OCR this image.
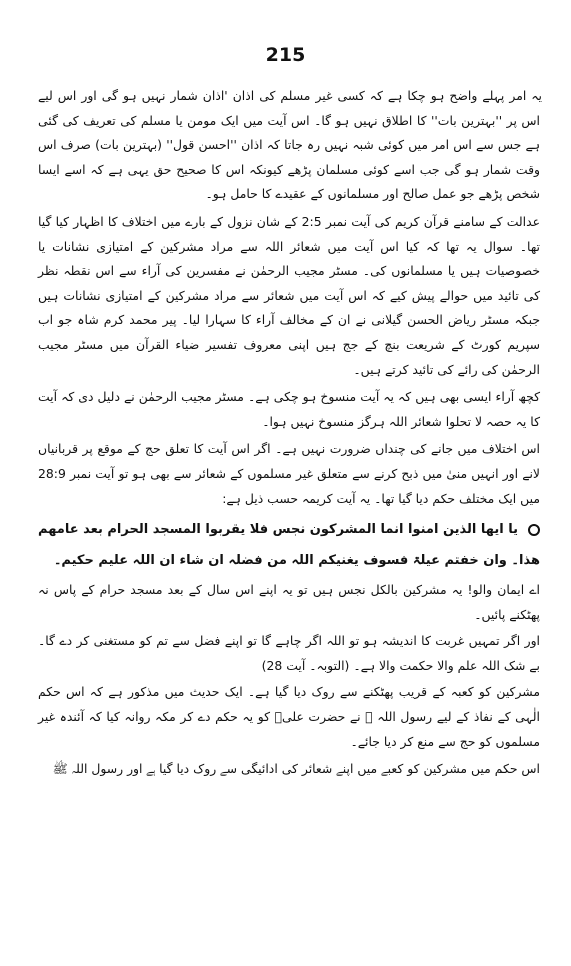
215

یہ امر پہلے واضح ہو چکا ہے کہ کسی غیر مسلم کی اذان 'اذان شمار نہیں ہو گی اور اس لیے اس پر ''بہترین بات'' کا اطلاق نہیں ہو گا۔ اس آیت میں ایک مومن یا مسلم کی تعریف کی گئی ہے جس سے اس امر میں کوئی شبہ نہیں رہ جاتا کہ اذان ''احسن قول'' (بہترین بات) صرف اس وقت شمار ہو گی جب اسے کوئی مسلمان پڑھے کیونکہ اس کا صحیح حق یہی ہے کہ اسے ایسا شخص پڑھے جو عمل صالح اور مسلمانوں کے عقیدے کا حامل ہو۔

عدالت کے سامنے قرآن کریم کی آیت نمبر 2:5 کے شان نزول کے بارے میں اختلاف کا اظہار کیا گیا تھا۔ سوال یہ تھا کہ کیا اس آیت میں شعائر اللہ سے مراد مشرکین کے امتیازی نشانات یا خصوصیات ہیں یا مسلمانوں کی۔ مسٹر مجیب الرحمٰن نے مفسرین کی آراء سے اس نقطہ نظر کی تائید میں حوالے پیش کیے کہ اس آیت میں شعائر سے مراد مشرکین کے امتیازی نشانات ہیں جبکہ مسٹر ریاض الحسن گیلانی نے ان کے مخالف آراء کا سہارا لیا۔ پیر محمد کرم شاہ جو اب سپریم کورٹ کے شریعت بنچ کے جج ہیں اپنی معروف تفسیر ضیاء القرآن میں مسٹر مجیب الرحمٰن کی رائے کی تائید کرتے ہیں۔

کچھ آراء ایسی بھی ہیں کہ یہ آیت منسوخ ہو چکی ہے۔ مسٹر مجیب الرحمٰن نے دلیل دی کہ آیت کا یہ حصہ لا تحلوا شعائر اللہ ہرگز منسوخ نہیں ہوا۔

اس اختلاف میں جانے کی چنداں ضرورت نہیں ہے۔ اگر اس آیت کا تعلق حج کے موقع پر قربانیاں لانے اور انہیں منیٰ میں ذبح کرنے سے متعلق غیر مسلموں کے شعائر سے بھی ہو تو آیت نمبر 28:9 میں ایک مختلف حکم دیا گیا تھا۔ یہ آیت کریمہ حسب ذیل ہے:

یا ایھا الذین امنوا انما المشرکون نجس فلا یقربوا المسجد الحرام بعد عامھم ھذا۔ وان خفتم عیلۃ فسوف یغنیکم اللہ من فضلہ ان شاء ان اللہ علیم حکیم۔

اے ایمان والو! یہ مشرکین بالکل نجس ہیں تو یہ اپنے اس سال کے بعد مسجد حرام کے پاس نہ پھٹکنے پائیں۔

اور اگر تمہیں غربت کا اندیشہ ہو تو اللہ اگر چاہے گا تو اپنے فضل سے تم کو مستغنی کر دے گا۔ بے شک اللہ علم والا حکمت والا ہے۔ (التوبہ۔ آیت 28)

مشرکین کو کعبہ کے قریب پھٹکنے سے روک دیا گیا ہے۔ ایک حدیث میں مذکور ہے کہ اس حکم الٰہی کے نفاذ کے لیے رسول اللہ ﷺ نے حضرت علیؓ کو یہ حکم دے کر مکہ روانہ کیا کہ آئندہ غیر مسلموں کو حج سے منع کر دیا جائے۔

اس حکم میں مشرکین کو کعبے میں اپنے شعائر کی ادائیگی سے روک دیا گیا ہے اور رسول اللہ ﷺ
